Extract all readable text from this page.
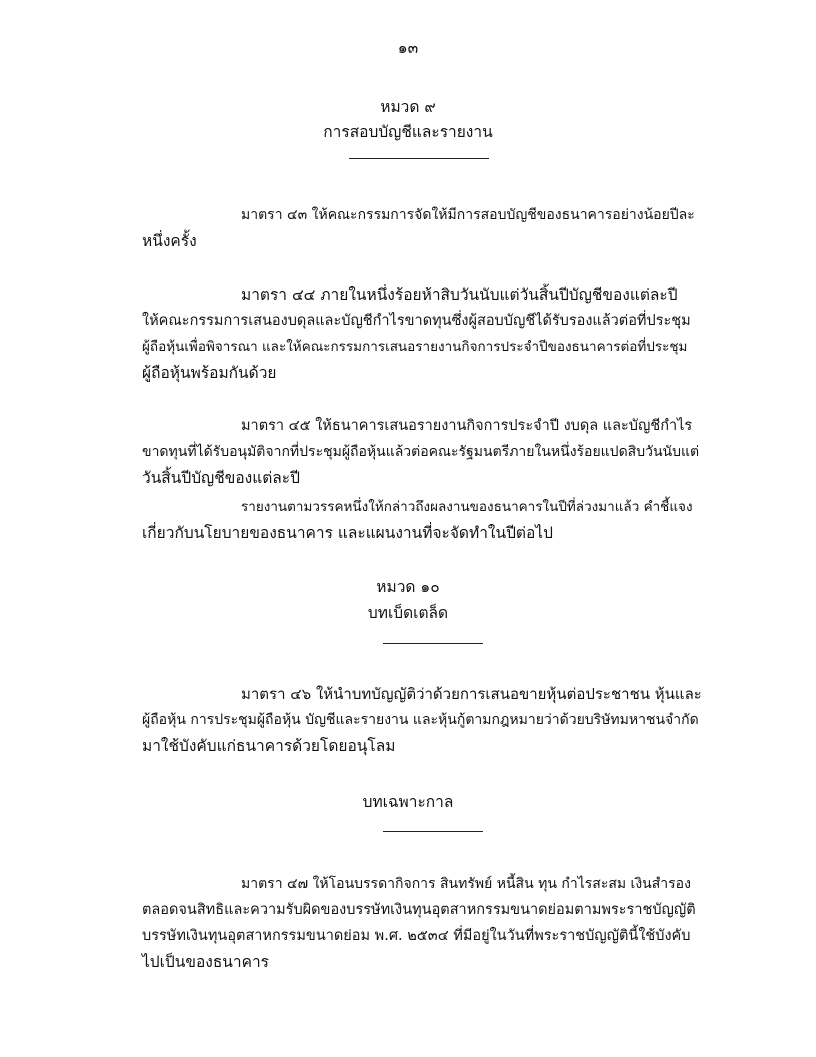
๑๓
หมวด ๙
การสอบบัญชีและรายงาน
มาตรา ๔๓ ให้คณะกรรมการจัดให้มีการสอบบัญชีของธนาคารอย่างน้อยปีละ
หนึ่งครั้ง
มาตรา ๔๔ ภายในหนึ่งร้อยห้าสิบวันนับแต่วันสิ้นปีบัญชีของแต่ละปี
ให้คณะกรรมการเสนองบดุลและบัญชีกำไรขาดทุนซึ่งผู้สอบบัญชีได้รับรองแล้วต่อที่ประชุม
ผู้ถือหุ้นเพื่อพิจารณา และให้คณะกรรมการเสนอรายงานกิจการประจำปีของธนาคารต่อที่ประชุม
ผู้ถือหุ้นพร้อมกันด้วย
มาตรา ๔๕ ให้ธนาคารเสนอรายงานกิจการประจำปี งบดุล และบัญชีกำไร
ขาดทุนที่ได้รับอนุมัติจากที่ประชุมผู้ถือหุ้นแล้วต่อคณะรัฐมนตรีภายในหนึ่งร้อยแปดสิบวันนับแต่
วันสิ้นปีบัญชีของแต่ละปี
รายงานตามวรรคหนึ่งให้กล่าวถึงผลงานของธนาคารในปีที่ล่วงมาแล้ว คำชี้แจง
เกี่ยวกับนโยบายของธนาคาร และแผนงานที่จะจัดทำในปีต่อไป
หมวด ๑๐
บทเบ็ดเตล็ด
มาตรา ๔๖ ให้นำบทบัญญัติว่าด้วยการเสนอขายหุ้นต่อประชาชน หุ้นและ
ผู้ถือหุ้น การประชุมผู้ถือหุ้น บัญชีและรายงาน และหุ้นกู้ตามกฎหมายว่าด้วยบริษัทมหาชนจำกัด
มาใช้บังคับแก่ธนาคารด้วยโดยอนุโลม
บทเฉพาะกาล
มาตรา ๔๗ ให้โอนบรรดากิจการ สินทรัพย์ หนี้สิน ทุน กำไรสะสม เงินสำรอง
ตลอดจนสิทธิและความรับผิดของบรรษัทเงินทุนอุตสาหกรรมขนาดย่อมตามพระราชบัญญัติ
บรรษัทเงินทุนอุตสาหกรรมขนาดย่อม พ.ศ. ๒๕๓๔ ที่มีอยู่ในวันที่พระราชบัญญัตินี้ใช้บังคับ
ไปเป็นของธนาคาร
